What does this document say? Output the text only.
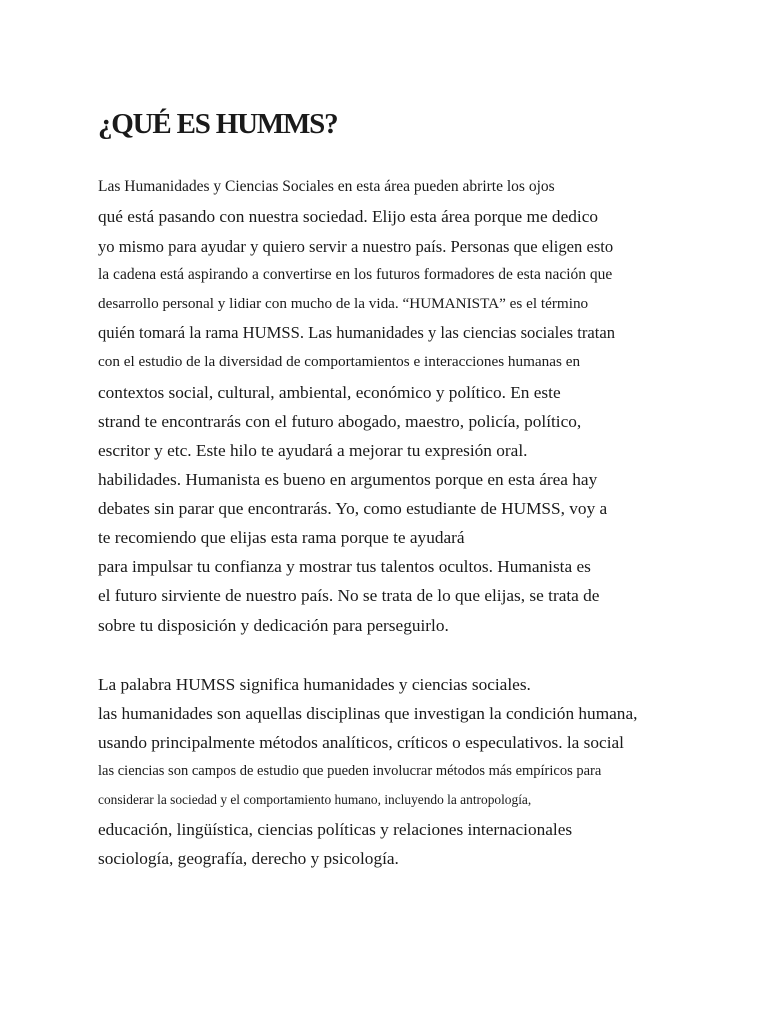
¿QUÉ ES HUMMS?
Las Humanidades y Ciencias Sociales en esta área pueden abrirte los ojos
qué está pasando con nuestra sociedad. Elijo esta área porque me dedico
yo mismo para ayudar y quiero servir a nuestro país. Personas que eligen esto
la cadena está aspirando a convertirse en los futuros formadores de esta nación que
desarrollo personal y lidiar con mucho de la vida. “HUMANISTA” es el término
quién tomará la rama HUMSS. Las humanidades y las ciencias sociales tratan
con el estudio de la diversidad de comportamientos e interacciones humanas en
contextos social, cultural, ambiental, económico y político. En este
strand te encontrarás con el futuro abogado, maestro, policía, político,
escritor y etc. Este hilo te ayudará a mejorar tu expresión oral.
habilidades. Humanista es bueno en argumentos porque en esta área hay
debates sin parar que encontrarás. Yo, como estudiante de HUMSS, voy a
te recomiendo que elijas esta rama porque te ayudará
para impulsar tu confianza y mostrar tus talentos ocultos. Humanista es
el futuro sirviente de nuestro país. No se trata de lo que elijas, se trata de
sobre tu disposición y dedicación para perseguirlo.
La palabra HUMSS significa humanidades y ciencias sociales.
las humanidades son aquellas disciplinas que investigan la condición humana,
usando principalmente métodos analíticos, críticos o especulativos. la social
las ciencias son campos de estudio que pueden involucrar métodos más empíricos para
considerar la sociedad y el comportamiento humano, incluyendo la antropología,
educación, lingüística, ciencias políticas y relaciones internacionales
sociología, geografía, derecho y psicología.
